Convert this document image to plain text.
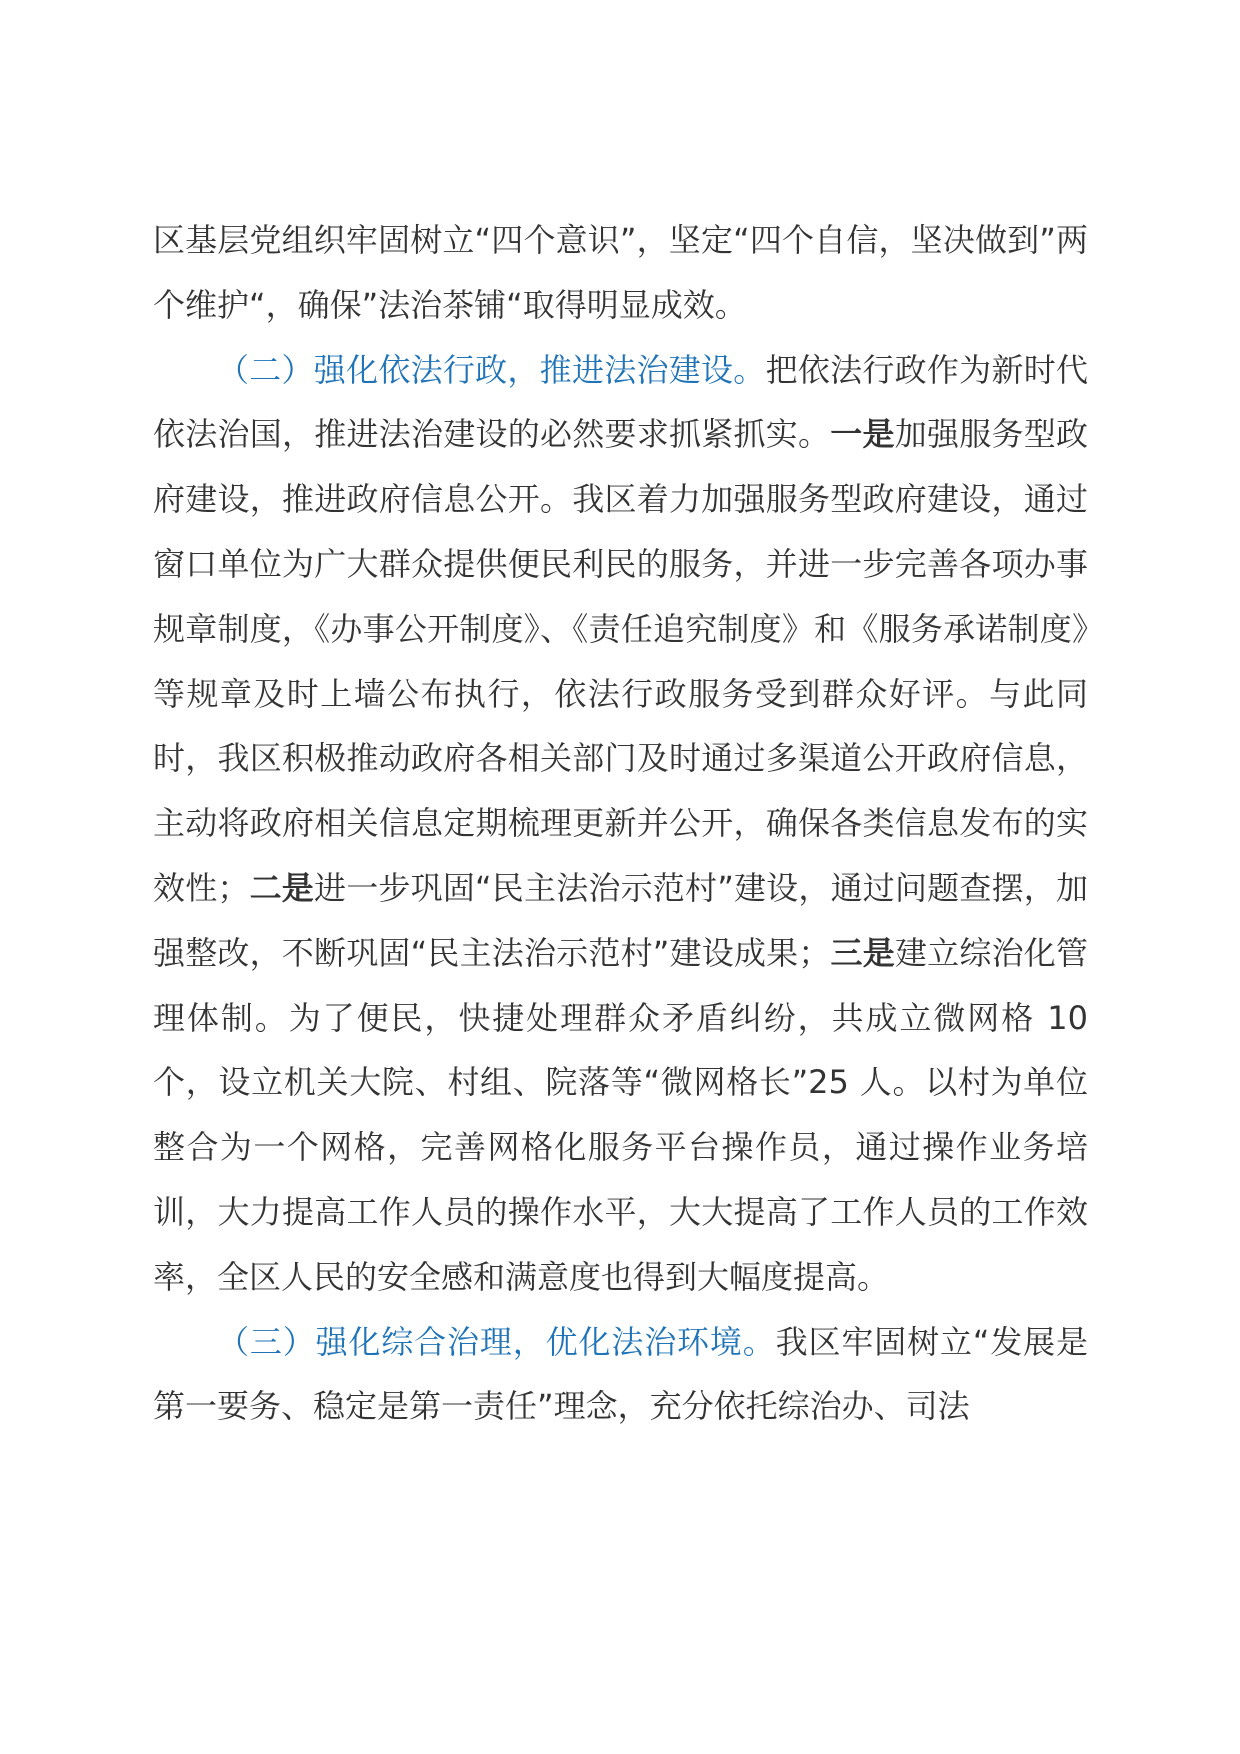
区基层党组织牢固树立“四个意识”，坚定“四个自信，坚决做到”两个维护“，确保”法治茶铺“取得明显成效。

（二）强化依法行政，推进法治建设。把依法行政作为新时代依法治国，推进法治建设的必然要求抓紧抓实。一是加强服务型政府建设，推进政府信息公开。我区着力加强服务型政府建设，通过窗口单位为广大群众提供便民利民的服务，并进一步完善各项办事规章制度，《办事公开制度》、《责任追究制度》和《服务承诺制度》等规章及时上墙公布执行，依法行政服务受到群众好评。与此同时，我区积极推动政府各相关部门及时通过多渠道公开政府信息，主动将政府相关信息定期梳理更新并公开，确保各类信息发布的实效性；二是进一步巩固“民主法治示范村”建设，通过问题查摆，加强整改，不断巩固“民主法治示范村”建设成果；三是建立综治化管理体制。为了便民，快捷处理群众矛盾纠纷，共成立微网格 10 个，设立机关大院、村组、院落等“微网格长”25 人。以村为单位整合为一个网格，完善网格化服务平台操作员，通过操作业务培训，大力提高工作人员的操作水平，大大提高了工作人员的工作效率，全区人民的安全感和满意度也得到大幅度提高。

（三）强化综合治理，优化法治环境。我区牢固树立“发展是第一要务、稳定是第一责任”理念，充分依托综治办、司法
